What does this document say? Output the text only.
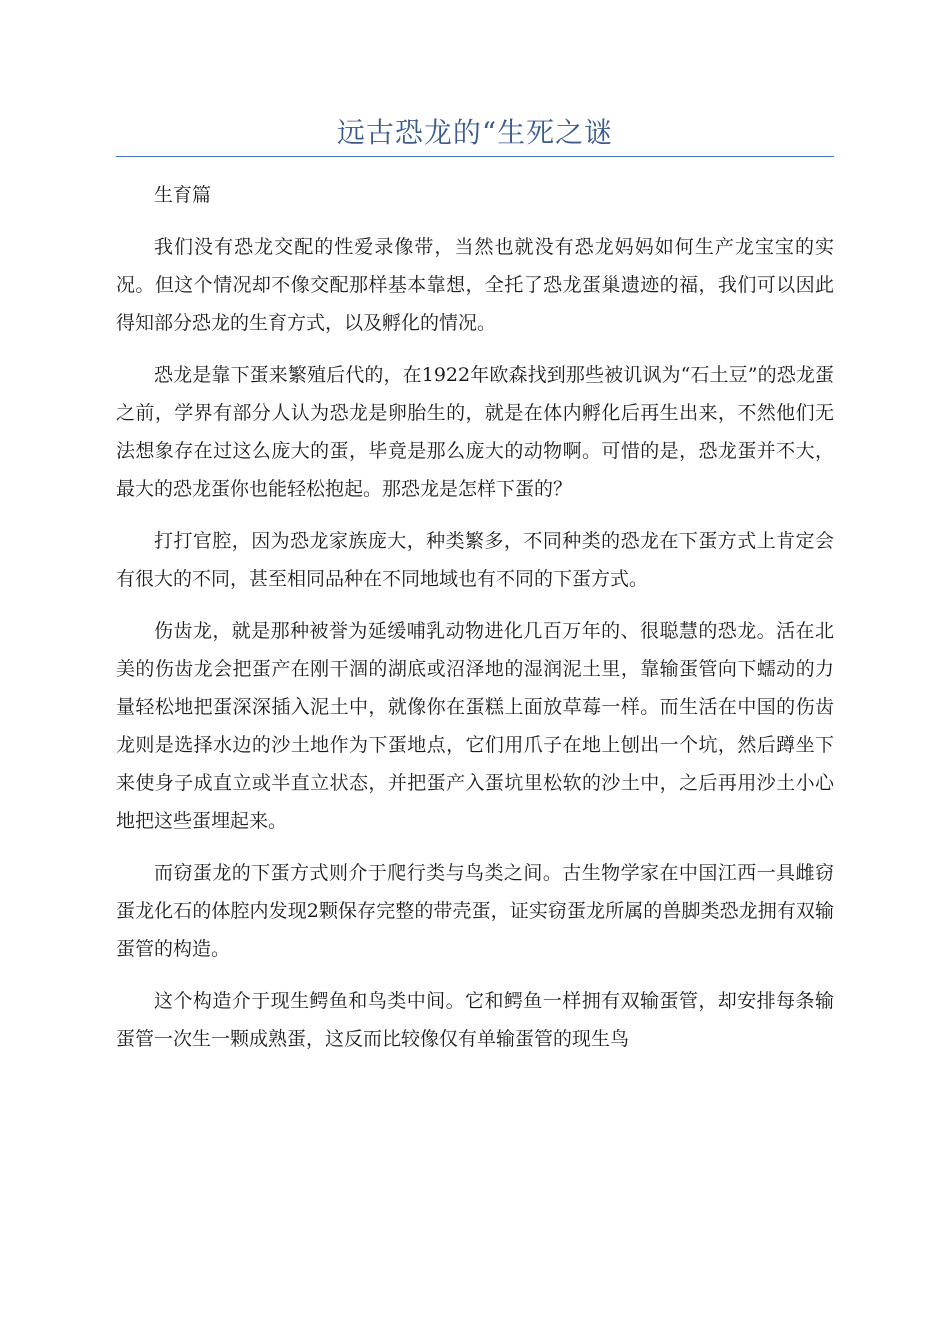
远古恐龙的“生死之谜

生育篇

我们没有恐龙交配的性爱录像带，当然也就没有恐龙妈妈如何生产龙宝宝的实况。但这个情况却不像交配那样基本靠想，全托了恐龙蛋巢遗迹的福，我们可以因此得知部分恐龙的生育方式，以及孵化的情况。

恐龙是靠下蛋来繁殖后代的，在1922年欧森找到那些被讥讽为“石土豆”的恐龙蛋之前，学界有部分人认为恐龙是卵胎生的，就是在体内孵化后再生出来，不然他们无法想象存在过这么庞大的蛋，毕竟是那么庞大的动物啊。可惜的是，恐龙蛋并不大，最大的恐龙蛋你也能轻松抱起。那恐龙是怎样下蛋的？

打打官腔，因为恐龙家族庞大，种类繁多，不同种类的恐龙在下蛋方式上肯定会有很大的不同，甚至相同品种在不同地域也有不同的下蛋方式。

伤齿龙，就是那种被誉为延缓哺乳动物进化几百万年的、很聪慧的恐龙。活在北美的伤齿龙会把蛋产在刚干涸的湖底或沼泽地的湿润泥土里，靠输蛋管向下蠕动的力量轻松地把蛋深深插入泥土中，就像你在蛋糕上面放草莓一样。而生活在中国的伤齿龙则是选择水边的沙土地作为下蛋地点，它们用爪子在地上刨出一个坑，然后蹲坐下来使身子成直立或半直立状态，并把蛋产入蛋坑里松软的沙土中，之后再用沙土小心地把这些蛋埋起来。

而窃蛋龙的下蛋方式则介于爬行类与鸟类之间。古生物学家在中国江西一具雌窃蛋龙化石的体腔内发现2颗保存完整的带壳蛋，证实窃蛋龙所属的兽脚类恐龙拥有双输蛋管的构造。

这个构造介于现生鳄鱼和鸟类中间。它和鳄鱼一样拥有双输蛋管，却安排每条输蛋管一次生一颗成熟蛋，这反而比较像仅有单输蛋管的现生鸟
